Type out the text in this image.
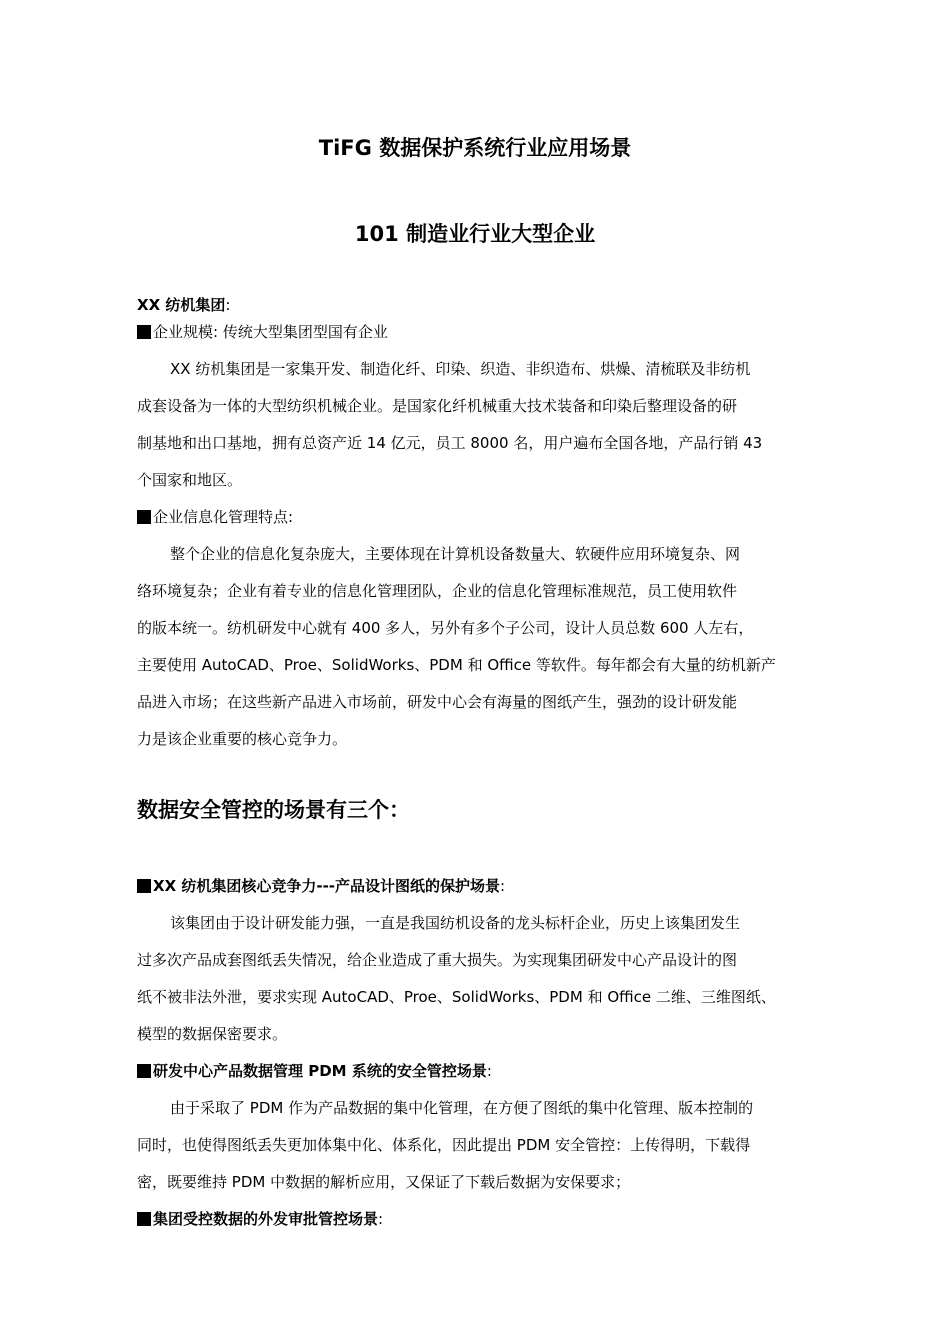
TiFG 数据保护系统行业应用场景
101 制造业行业大型企业
XX 纺机集团:
企业规模: 传统大型集团型国有企业
XX 纺机集团是一家集开发、制造化纤、印染、织造、非织造布、烘燥、清梳联及非纺机
成套设备为一体的大型纺织机械企业。是国家化纤机械重大技术装备和印染后整理设备的研
制基地和出口基地，拥有总资产近 14 亿元，员工 8000 名，用户遍布全国各地，产品行销 43
个国家和地区。
企业信息化管理特点:
整个企业的信息化复杂庞大，主要体现在计算机设备数量大、软硬件应用环境复杂、网
络环境复杂；企业有着专业的信息化管理团队，企业的信息化管理标准规范，员工使用软件
的版本统一。纺机研发中心就有 400 多人，另外有多个子公司，设计人员总数 600 人左右，
主要使用 AutoCAD、Proe、SolidWorks、PDM 和 Office 等软件。每年都会有大量的纺机新产
品进入市场；在这些新产品进入市场前，研发中心会有海量的图纸产生，强劲的设计研发能
力是该企业重要的核心竞争力。
数据安全管控的场景有三个：
XX 纺机集团核心竞争力---产品设计图纸的保护场景:
该集团由于设计研发能力强，一直是我国纺机设备的龙头标杆企业，历史上该集团发生
过多次产品成套图纸丢失情况，给企业造成了重大损失。为实现集团研发中心产品设计的图
纸不被非法外泄，要求实现 AutoCAD、Proe、SolidWorks、PDM 和 Office 二维、三维图纸、
模型的数据保密要求。
研发中心产品数据管理 PDM 系统的安全管控场景:
由于采取了 PDM 作为产品数据的集中化管理，在方便了图纸的集中化管理、版本控制的
同时，也使得图纸丢失更加体集中化、体系化，因此提出 PDM 安全管控：上传得明，下载得
密，既要维持 PDM 中数据的解析应用，又保证了下载后数据为安保要求；
集团受控数据的外发审批管控场景:
